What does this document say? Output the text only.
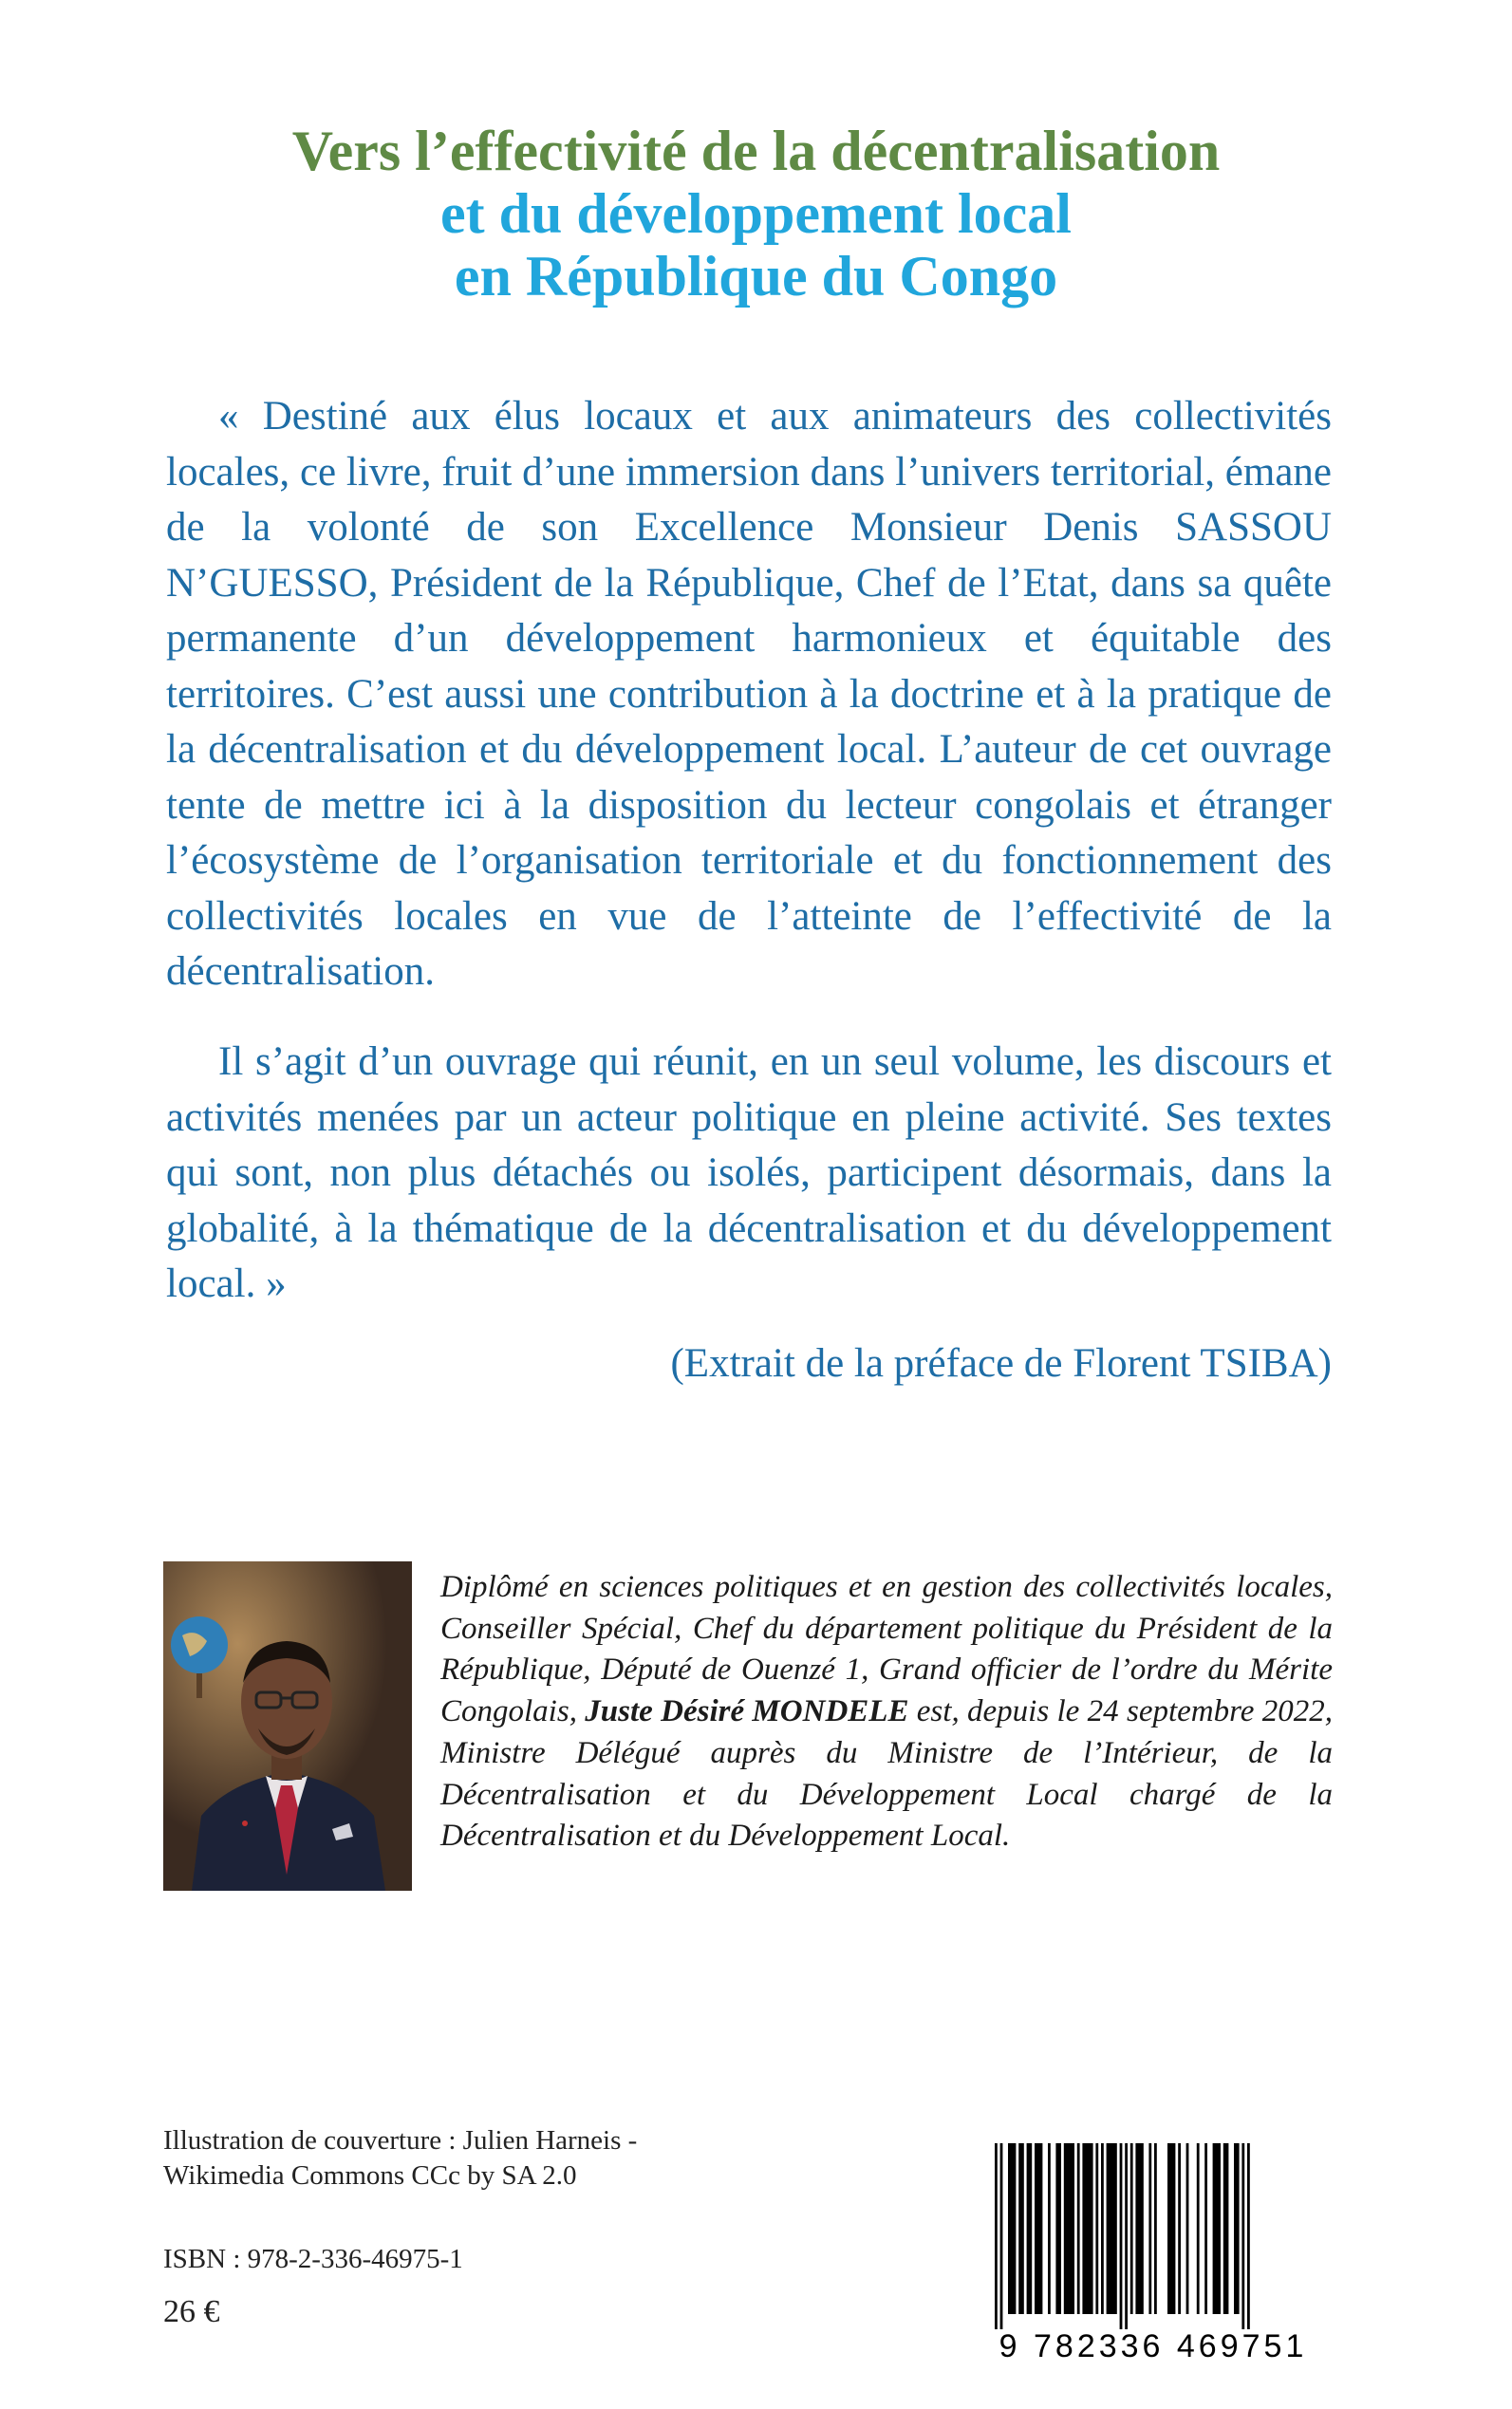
Vers l’effectivité de la décentralisation
et du développement local
en République du Congo

« Destiné aux élus locaux et aux animateurs des collectivités locales, ce livre, fruit d’une immersion dans l’univers territorial, émane de la volonté de son Excellence Monsieur Denis SASSOU N’GUESSO, Président de la République, Chef de l’Etat, dans sa quête permanente d’un développement harmonieux et équitable des territoires. C’est aussi une contribution à la doctrine et à la pratique de la décentralisation et du développement local. L’auteur de cet ouvrage tente de mettre ici à la disposition du lecteur congolais et étranger l’écosystème de l’organisation territoriale et du fonctionnement des collectivités locales en vue de l’atteinte de l’effectivité de la décentralisation.

Il s’agit d’un ouvrage qui réunit, en un seul volume, les discours et activités menées par un acteur politique en pleine activité. Ses textes qui sont, non plus détachés ou isolés, participent désormais, dans la globalité, à la thématique de la décentralisation et du développement local. »

(Extrait de la préface de Florent TSIBA)

Diplômé en sciences politiques et en gestion des collectivités locales, Conseiller Spécial, Chef du département politique du Président de la République, Député de Ouenzé 1, Grand officier de l’ordre du Mérite Congolais, Juste Désiré MONDELE est, depuis le 24 septembre 2022, Ministre Délégué auprès du Ministre de l’Intérieur, de la Décentralisation et du Développement Local chargé de la Décentralisation et du Développement Local.

Illustration de couverture : Julien Harneis -
Wikimedia Commons CCc by SA 2.0

ISBN : 978-2-336-46975-1

26 €

9 782336 469751
